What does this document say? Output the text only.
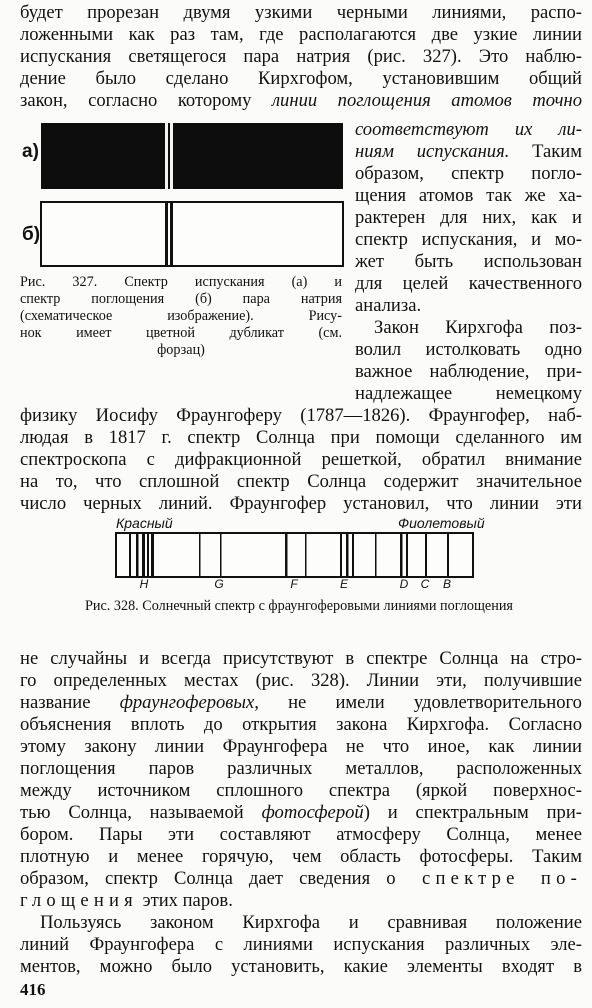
будет прорезан двумя узкими черными линиями, распо-
ложенными как раз там, где располагаются две узкие линии
испускания светящегося пара натрия (рис. 327). Это наблю-
дение было сделано Кирхгофом, установившим общий
закон, согласно которому линии поглощения атомов точно
а)
б)
Рис. 327. Спектр испускания (а) и
спектр поглощения (б) пара натрия
(схематическое изображение). Рису-
нок имеет цветной дубликат (см.
форзац)
соответствуют их ли-
ниям испускания. Таким
образом, спектр погло-
щения атомов так же ха-
рактерен для них, как и
спектр испускания, и мо-
жет быть использован
для целей качественного
анализа.
Закон Кирхгофа поз-
волил истолковать одно
важное наблюдение, при-
надлежащее немецкому
физику Иосифу Фраунгоферу (1787—1826). Фраунгофер, наб-
людая в 1817 г. спектр Солнца при помощи сделанного им
спектроскопа с дифракционной решеткой, обратил внимание
на то, что сплошной спектр Солнца содержит значительное
число черных линий. Фраунгофер установил, что линии эти
Красный	Фиолетовый
H	G	F	E	D C B
Рис. 328. Солнечный спектр с фраунгоферовыми линиями поглощения
не случайны и всегда присутствуют в спектре Солнца на стро-
го определенных местах (рис. 328). Линии эти, получившие
название фраунгоферовых, не имели удовлетворительного
объяснения вплоть до открытия закона Кирхгофа. Согласно
этому закону линии Фраунгофера не что иное, как линии
поглощения паров различных металлов, расположенных
между источником сплошного спектра (яркой поверхнос-
тью Солнца, называемой фотосферой) и спектральным при-
бором. Пары эти составляют атмосферу Солнца, менее
плотную и менее горячую, чем область фотосферы. Таким
образом, спектр Солнца дает сведения о спектре по-
глощения этих паров.
Пользуясь законом Кирхгофа и сравнивая положение
линий Фраунгофера с линиями испускания различных эле-
ментов, можно было установить, какие элементы входят в
416
